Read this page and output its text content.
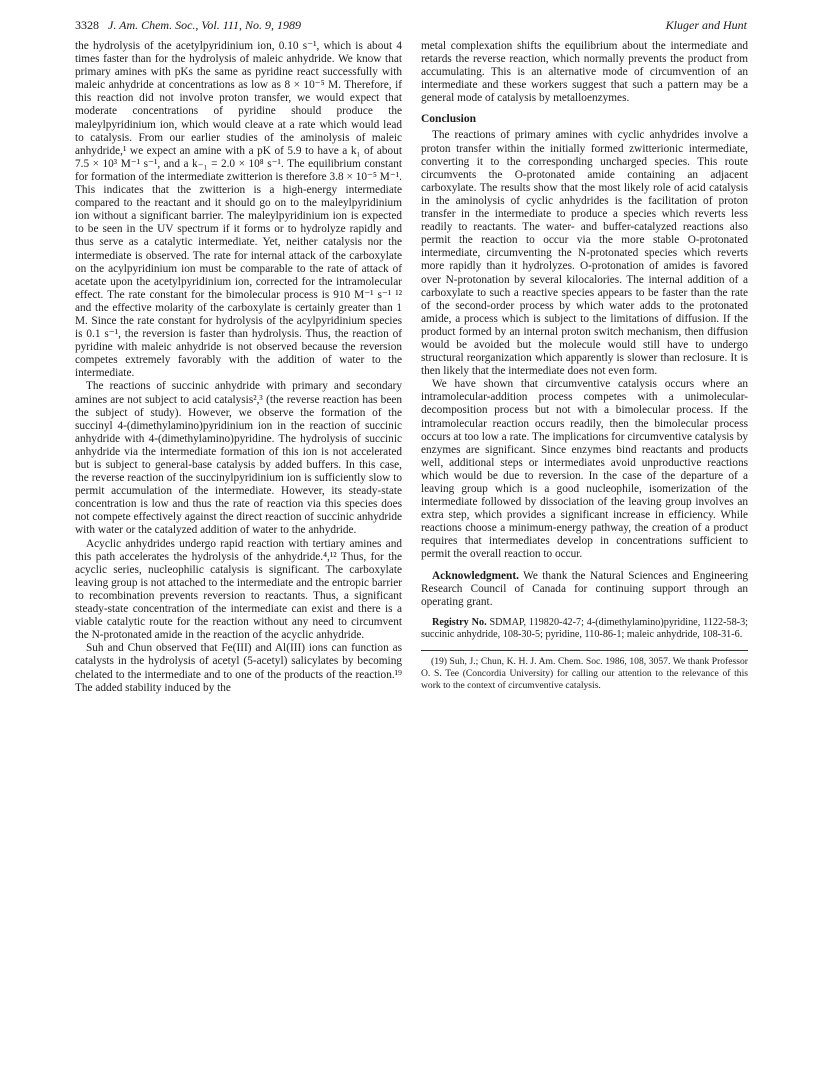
3328 J. Am. Chem. Soc., Vol. 111, No. 9, 1989	Kluger and Hunt

the hydrolysis of the acetylpyridinium ion, 0.10 s⁻¹, which is about 4 times faster than for the hydrolysis of maleic anhydride. We know that primary amines with pKs the same as pyridine react successfully with maleic anhydride at concentrations as low as 8 × 10⁻⁵ M. Therefore, if this reaction did not involve proton transfer, we would expect that moderate concentrations of pyridine should produce the maleylpyridinium ion, which would cleave at a rate which would lead to catalysis. From our earlier studies of the aminolysis of maleic anhydride,¹ we expect an amine with a pK of 5.9 to have a k₁ of about 7.5 × 10³ M⁻¹ s⁻¹, and a k₋₁ = 2.0 × 10⁸ s⁻¹. The equilibrium constant for formation of the intermediate zwitterion is therefore 3.8 × 10⁻⁵ M⁻¹. This indicates that the zwitterion is a high-energy intermediate compared to the reactant and it should go on to the maleylpyridinium ion without a significant barrier. The maleylpyridinium ion is expected to be seen in the UV spectrum if it forms or to hydrolyze rapidly and thus serve as a catalytic intermediate. Yet, neither catalysis nor the intermediate is observed. The rate for internal attack of the carboxylate on the acylpyridinium ion must be comparable to the rate of attack of acetate upon the acetylpyridinium ion, corrected for the intramolecular effect. The rate constant for the bimolecular process is 910 M⁻¹ s⁻¹ ¹² and the effective molarity of the carboxylate is certainly greater than 1 M. Since the rate constant for hydrolysis of the acylpyridinium species is 0.1 s⁻¹, the reversion is faster than hydrolysis. Thus, the reaction of pyridine with maleic anhydride is not observed because the reversion competes extremely favorably with the addition of water to the intermediate.

The reactions of succinic anhydride with primary and secondary amines are not subject to acid catalysis²,³ (the reverse reaction has been the subject of study). However, we observe the formation of the succinyl 4-(dimethylamino)pyridinium ion in the reaction of succinic anhydride with 4-(dimethylamino)pyridine. The hydrolysis of succinic anhydride via the intermediate formation of this ion is not accelerated but is subject to general-base catalysis by added buffers. In this case, the reverse reaction of the succinylpyridinium ion is sufficiently slow to permit accumulation of the intermediate. However, its steady-state concentration is low and thus the rate of reaction via this species does not compete effectively against the direct reaction of succinic anhydride with water or the catalyzed addition of water to the anhydride.

Acyclic anhydrides undergo rapid reaction with tertiary amines and this path accelerates the hydrolysis of the anhydride.⁴,¹² Thus, for the acyclic series, nucleophilic catalysis is significant. The carboxylate leaving group is not attached to the intermediate and the entropic barrier to recombination prevents reversion to reactants. Thus, a significant steady-state concentration of the intermediate can exist and there is a viable catalytic route for the reaction without any need to circumvent the N-protonated amide in the reaction of the acyclic anhydride.

Suh and Chun observed that Fe(III) and Al(III) ions can function as catalysts in the hydrolysis of acetyl (5-acetyl) salicylates by becoming chelated to the intermediate and to one of the products of the reaction.¹⁹ The added stability induced by the

metal complexation shifts the equilibrium about the intermediate and retards the reverse reaction, which normally prevents the product from accumulating. This is an alternative mode of circumvention of an intermediate and these workers suggest that such a pattern may be a general mode of catalysis by metalloenzymes.

Conclusion

The reactions of primary amines with cyclic anhydrides involve a proton transfer within the initially formed zwitterionic intermediate, converting it to the corresponding uncharged species. This route circumvents the O-protonated amide containing an adjacent carboxylate. The results show that the most likely role of acid catalysis in the aminolysis of cyclic anhydrides is the facilitation of proton transfer in the intermediate to produce a species which reverts less readily to reactants. The water- and buffer-catalyzed reactions also permit the reaction to occur via the more stable O-protonated intermediate, circumventing the N-protonated species which reverts more rapidly than it hydrolyzes. O-protonation of amides is favored over N-protonation by several kilocalories. The internal addition of a carboxylate to such a reactive species appears to be faster than the rate of the second-order process by which water adds to the protonated amide, a process which is subject to the limitations of diffusion. If the product formed by an internal proton switch mechanism, then diffusion would be avoided but the molecule would still have to undergo structural reorganization which apparently is slower than reclosure. It is then likely that the intermediate does not even form.

We have shown that circumventive catalysis occurs where an intramolecular-addition process competes with a unimolecular-decomposition process but not with a bimolecular process. If the intramolecular reaction occurs readily, then the bimolecular process occurs at too low a rate. The implications for circumventive catalysis by enzymes are significant. Since enzymes bind reactants and products well, additional steps or intermediates avoid unproductive reactions which would be due to reversion. In the case of the departure of a leaving group which is a good nucleophile, isomerization of the intermediate followed by dissociation of the leaving group involves an extra step, which provides a significant increase in efficiency. While reactions choose a minimum-energy pathway, the creation of a product requires that intermediates develop in concentrations sufficient to permit the overall reaction to occur.

Acknowledgment. We thank the Natural Sciences and Engineering Research Council of Canada for continuing support through an operating grant.

Registry No. SDMAP, 119820-42-7; 4-(dimethylamino)pyridine, 1122-58-3; succinic anhydride, 108-30-5; pyridine, 110-86-1; maleic anhydride, 108-31-6.

(19) Suh, J.; Chun, K. H. J. Am. Chem. Soc. 1986, 108, 3057. We thank Professor O. S. Tee (Concordia University) for calling our attention to the relevance of this work to the context of circumventive catalysis.
